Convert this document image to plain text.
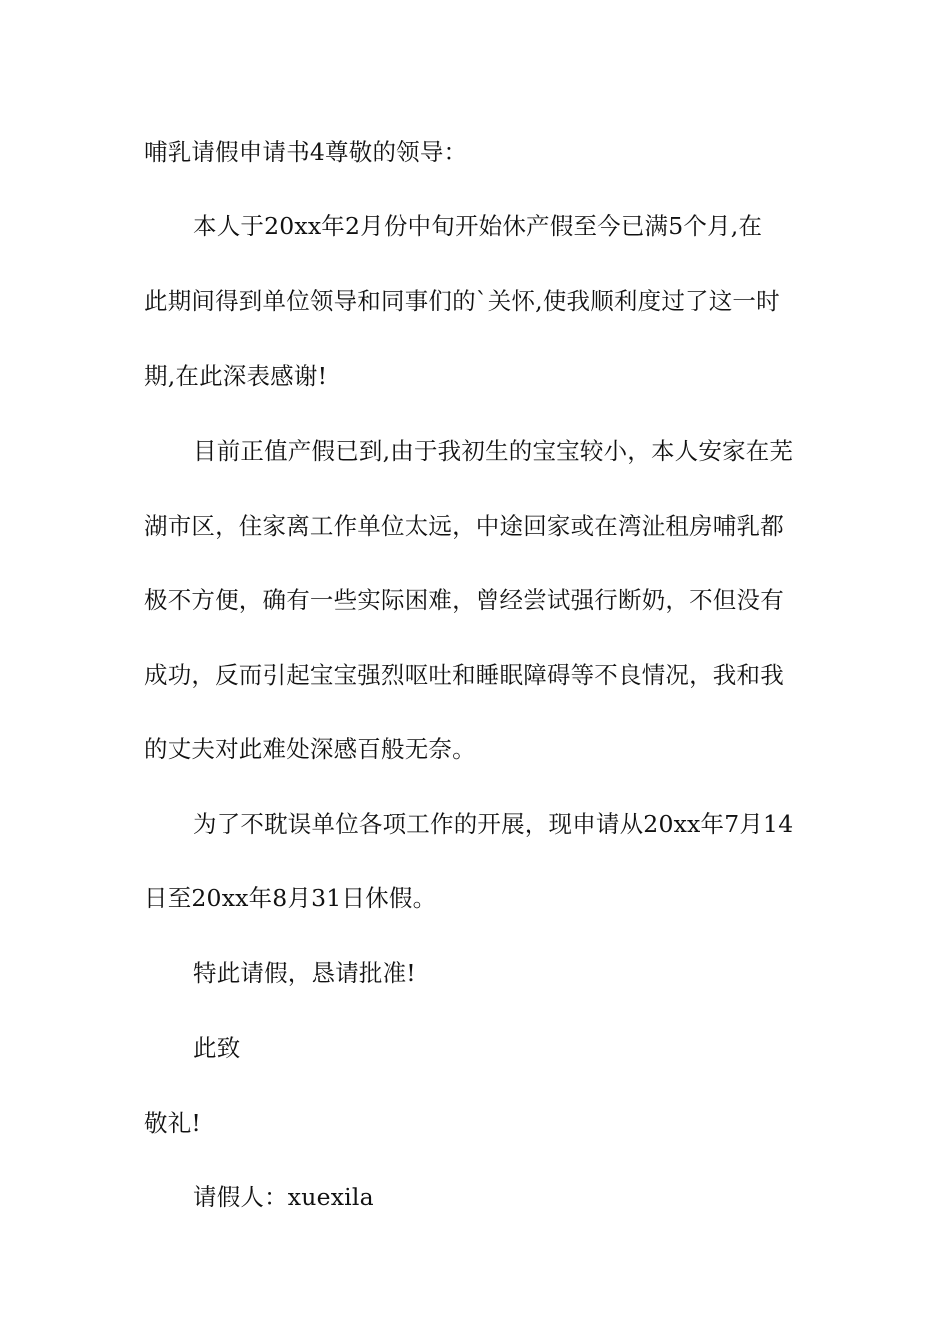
哺乳请假申请书4尊敬的领导：
本人于20xx年2月份中旬开始休产假至今已满5个月,在
此期间得到单位领导和同事们的`关怀,使我顺利度过了这一时
期,在此深表感谢!
目前正值产假已到,由于我初生的宝宝较小，本人安家在芜
湖市区，住家离工作单位太远，中途回家或在湾沚租房哺乳都
极不方便，确有一些实际困难，曾经尝试强行断奶，不但没有
成功，反而引起宝宝强烈呕吐和睡眠障碍等不良情况，我和我
的丈夫对此难处深感百般无奈。
为了不耽误单位各项工作的开展，现申请从20xx年7月14
日至20xx年8月31日休假。
特此请假，恳请批准!
此致
敬礼!
请假人：xuexila
